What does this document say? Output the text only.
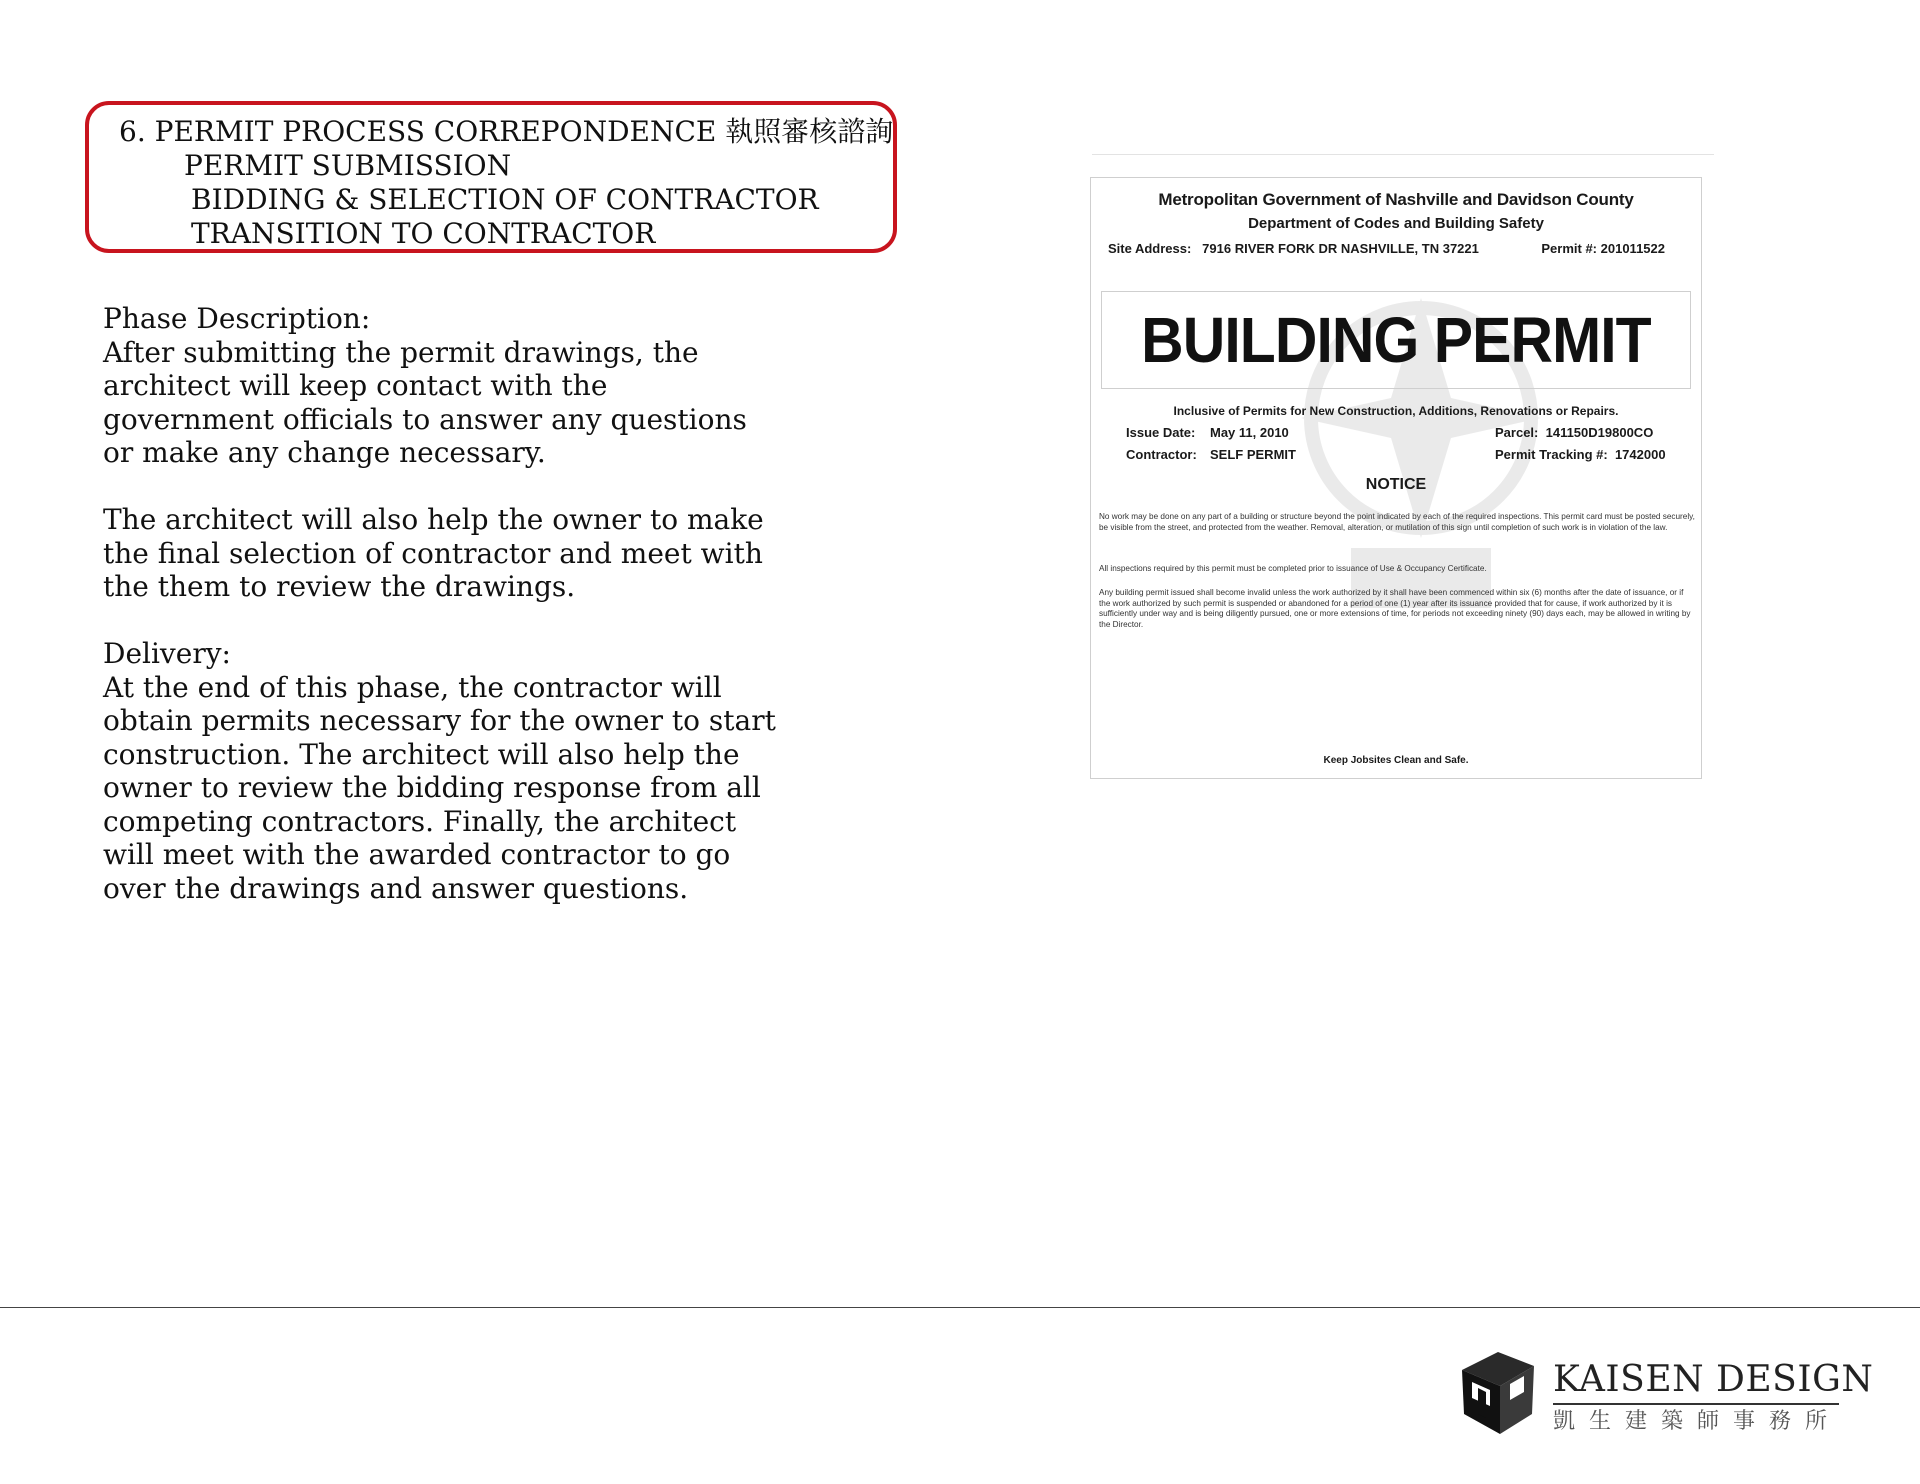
6. PERMIT PROCESS CORREPONDENCE 執照審核諮詢
PERMIT SUBMISSION
BIDDING & SELECTION OF CONTRACTOR
TRANSITION TO CONTRACTOR

Phase Description:

After submitting the permit drawings, the

architect will keep contact with the

government officials to answer any questions

or make any change necessary.

The architect will also help the owner to make

the final selection of contractor and meet with

the them to review the drawings.

Delivery:

At the end of this phase, the contractor will

obtain permits necessary for the owner to start

construction. The architect will also help the

owner to review the bidding response from all

competing contractors. Finally, the architect

will meet with the awarded contractor to go

over the drawings and answer questions.

Metropolitan Government of Nashville and Davidson County
Department of Codes and Building Safety
Site Address: 7916 RIVER FORK DR NASHVILLE, TN 37221	Permit #: 201011522
BUILDING PERMIT
Inclusive of Permits for New Construction, Additions, Renovations or Repairs.
Issue Date: May 11, 2010	Parcel: 141150D19800CO
Contractor: SELF PERMIT	Permit Tracking #: 1742000
NOTICE
No work may be done on any part of a building or structure beyond the point indicated by each of the required inspections. This permit card must be posted securely, be visible from the street, and protected from the weather. Removal, alteration, or mutilation of this sign until completion of such work is in violation of the law.
All inspections required by this permit must be completed prior to issuance of Use & Occupancy Certificate.
Any building permit issued shall become invalid unless the work authorized by it shall have been commenced within six (6) months after the date of issuance, or if the work authorized by such permit is suspended or abandoned for a period of one (1) year after its issuance provided that for cause, if work authorized by it is sufficiently under way and is being diligently pursued, one or more extensions of time, for periods not exceeding ninety (90) days each, may be allowed in writing by the Director.
Keep Jobsites Clean and Safe.
KAISEN DESIGN
凱生建築師事務所
